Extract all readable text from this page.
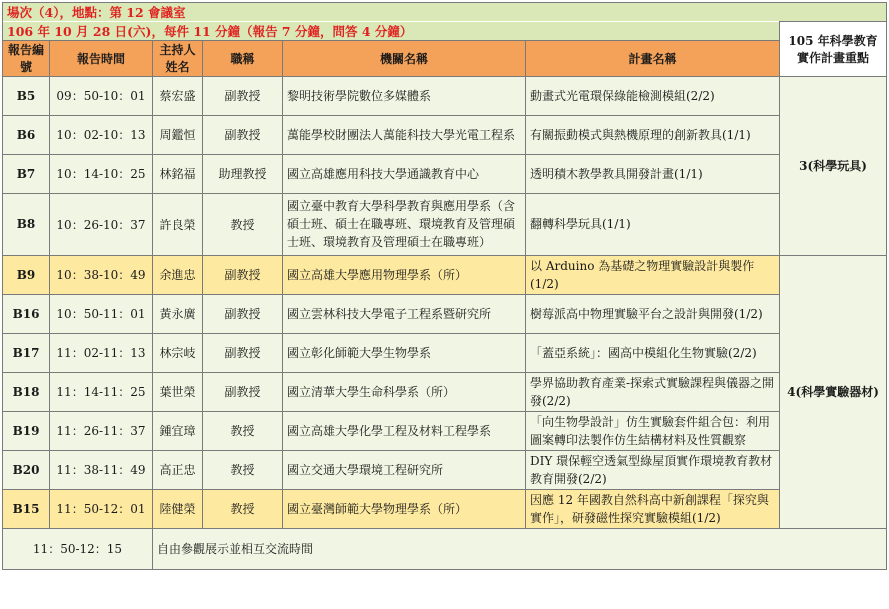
場次（4），地點：第 12 會議室						
106 年 10 月 28 日(六)，每件 11 分鐘（報告 7 分鐘，問答 4 分鐘）						105 年科學教育實作計畫重點
報告編號	報告時間	主持人姓名	職稱	機關名稱	計畫名稱	
B5	09：50-10：01	蔡宏盛	副教授	黎明技術學院數位多媒體系	動畫式光電環保綠能檢測模組(2/2)	3(科學玩具)
B6	10：02-10：13	周鑑恒	副教授	萬能學校財團法人萬能科技大學光電工程系	有關振動模式與熱機原理的創新教具(1/1)	
B7	10：14-10：25	林銘福	助理教授	國立高雄應用科技大學通識教育中心	透明積木教學教具開發計畫(1/1)	
B8	10：26-10：37	許良榮	教授	國立臺中教育大學科學教育與應用學系（含碩士班、碩士在職專班、環境教育及管理碩士班、環境教育及管理碩士在職專班）	翻轉科學玩具(1/1)	
B9	10：38-10：49	余進忠	副教授	國立高雄大學應用物理學系（所）	以 Arduino 為基礎之物理實驗設計與製作(1/2)	4(科學實驗器材)
B16	10：50-11：01	黃永廣	副教授	國立雲林科技大學電子工程系暨研究所	樹莓派高中物理實驗平台之設計與開發(1/2)	
B17	11：02-11：13	林宗岐	副教授	國立彰化師範大學生物學系	「蓋亞系統」：國高中模組化生物實驗(2/2)	
B18	11：14-11：25	葉世榮	副教授	國立清華大學生命科學系（所）	學界協助教育產業-探索式實驗課程與儀器之開發(2/2)	
B19	11：26-11：37	鍾宜璋	教授	國立高雄大學化學工程及材料工程學系	「向生物學設計」仿生實驗套件組合包：利用圖案轉印法製作仿生結構材料及性質觀察	
B20	11：38-11：49	高正忠	教授	國立交通大學環境工程研究所	DIY 環保輕空透氣型綠屋頂實作環境教育教材教育開發(2/2)	
B15	11：50-12：01	陸健榮	教授	國立臺灣師範大學物理學系（所）	因應 12 年國教自然科高中新創課程「探究與實作」，研發磁性探究實驗模組(1/2)	
11：50-12：15		自由參觀展示並相互交流時間				
